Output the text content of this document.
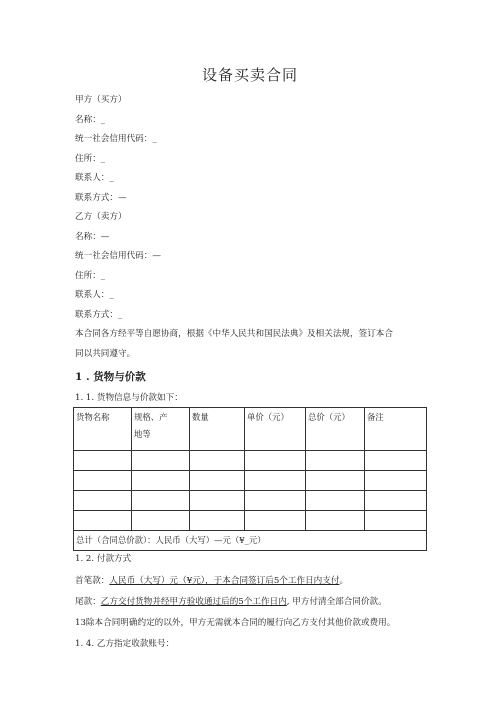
设备买卖合同
甲方（买方）
名称：_
统一社会信用代码：_
住所：_
联系人：_
联系方式：—
乙方（卖方）
名称：—
统一社会信用代码：—
住所：_
联系人：_
联系方式：_
本合同各方经平等自愿协商，根据《中华人民共和国民法典》及相关法规，签订本合
同以共同遵守。
1 . 货物与价款
1. 1. 货物信息与价款如下：
货物名称	规格、产
地等	数量	单价（元）	总价（元）	备注

总计（合同总价款）：人民币（大写）—元（¥_元）					
1. 2. 付款方式
首笔款：人民币（大写）元（¥元），于本合同签订后5个工作日内支付。
尾款：乙方交付货物并经甲方验收通过后的5个工作日内, 甲方付清全部合同价款。
13除本合同明确约定的以外，甲方无需就本合同的履行向乙方支付其他价款或费用。
1. 4. 乙方指定收款账号：
